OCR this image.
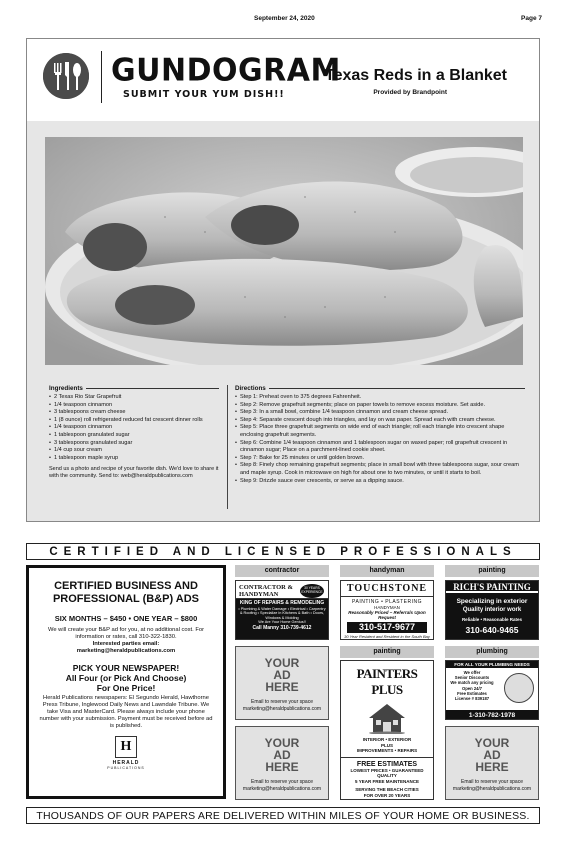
September 24, 2020	Page 7
GUNDOGRAM
SUBMIT YOUR YUM DISH!!
Texas Reds in a Blanket
Provided by Brandpoint
Ingredients
• 2 Texas Rio Star Grapefruit
• 1/4 teaspoon cinnamon
• 3 tablespoons cream cheese
• 1 (8 ounce) roll refrigerated reduced fat crescent dinner rolls
• 1/4 teaspoon cinnamon
• 1 tablespoon granulated sugar
• 3 tablespoons granulated sugar
• 1/4 cup sour cream
• 1 tablespoon maple syrup
Send us a photo and recipe of your favorite dish. We'd love to share it with the community. Send to: web@heraldpublications.com
Directions
• Step 1: Preheat oven to 375 degrees Fahrenheit.
• Step 2: Remove grapefruit segments; place on paper towels to remove excess moisture. Set aside.
• Step 3: In a small bowl, combine 1/4 teaspoon cinnamon and cream cheese spread.
• Step 4: Separate crescent dough into triangles, and lay on wax paper. Spread each with cream cheese.
• Step 5: Place three grapefruit segments on wide end of each triangle; roll each triangle into crescent shape enclosing grapefruit segments.
• Step 6: Combine 1/4 teaspoon cinnamon and 1 tablespoon sugar on waxed paper; roll grapefruit crescent in cinnamon sugar; Place on a parchment-lined cookie sheet.
• Step 7: Bake for 25 minutes or until golden brown.
• Step 8: Finely chop remaining grapefruit segments; place in small bowl with three tablespoons sugar, sour cream and maple syrup. Cook in microwave on high for about one to two minutes, or until it starts to boil.
• Step 9: Drizzle sauce over crescents, or serve as a dipping sauce.
CERTIFIED AND LICENSED PROFESSIONALS
CERTIFIED BUSINESS AND PROFESSIONAL (B&P) ADS
SIX MONTHS – $450 • ONE YEAR – $800
We will create your B&P ad for you, at no additional cost. For information or rates, call 310-322-1830.
Interested parties email:
marketing@heraldpublications.com
PICK YOUR NEWSPAPER!
All Four (or Pick And Choose)
For One Price!
Herald Publications newspapers: El Segundo Herald, Hawthorne Press Tribune, Inglewood Daily News and Lawndale Tribune. We take Visa and MasterCard. Please always include your phone number with your submission. Payment must be received before ad is published.
H
HERALD
PUBLICATIONS
contractor	handyman	painting
painting	plumbing
CONTRACTOR & HANDYMAN
30 YEARS EXPERIENCE
KING OF REPAIRS & REMODELING
• Plumbing & Water Damage • Electrical • Carpentry & Roofing • Specialize in Kitchens & Bath • Doors, Windows & Molding
We Are Your Home Genius!!
Call Manny 310-739-4612
TOUCHSTONE
PAINTING • PLASTERING
HANDYMAN
Reasonably Priced – Referrals Upon Request
310-517-9677
30 Year Resident and Resident in the South Bay
RICH'S PAINTING
Specializing in exterior
Quality interior work
Reliable • Reasonable Rates
310-640-9465
YOUR
AD
HERE
Email to reserve your space
marketing@heraldpublications.com
PAINTERS PLUS
INTERIOR • EXTERIOR
PLUS
IMPROVEMENTS • REPAIRS
FREE ESTIMATES
LOWEST PRICES • GUARANTEED QUALITY
5 YEAR FREE MAINTENANCE
SERVING THE BEACH CITIES
FOR OVER 20 YEARS
FOR ALL YOUR PLUMBING NEEDS
We offer
Senior Discounts
We match any pricing
Open 24/7
Free Estimates
License # 839187
1-310-782-1978
YOUR
AD
HERE
Email to reserve your space
marketing@heraldpublications.com
YOUR
AD
HERE
Email to reserve your space
marketing@heraldpublications.com
THOUSANDS OF OUR PAPERS ARE DELIVERED WITHIN MILES OF YOUR HOME OR BUSINESS.
